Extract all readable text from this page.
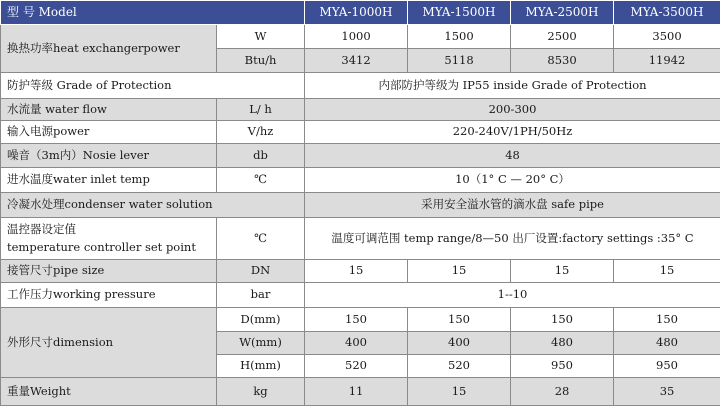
型 号 Model		MYA-1000H	MYA-1500H	MYA-2500H	MYA-3500H
换热功率heat exchangerpower	W	1000	1500	2500	3500
	Btu/h	3412	5118	8530	11942
防护等级 Grade of Protection		内部防护等级为 IP55 inside Grade of Protection			
水流量 water flow	L/ h	200-300			
输入电源power	V/hz	220-240V/1PH/50Hz			
噪音（3m内）Nosie lever	db	48			
进水温度water inlet temp	℃	10（1° C — 20° C）			
冷凝水处理condenser water solution		采用安全溢水管的滴水盘 safe pipe			

温控器设定值
temperature controller set point	℃	温度可调范围 temp range/8—50 出厂设置:factory settings :35° C			
接管尺寸pipe size	DN	15	15	15	15
工作压力working pressure	bar	1--10			
外形尺寸dimension	D(mm)	150	150	150	150
	W(mm)	400	400	480	480
	H(mm)	520	520	950	950
重量Weight	kg	11	15	28	35
